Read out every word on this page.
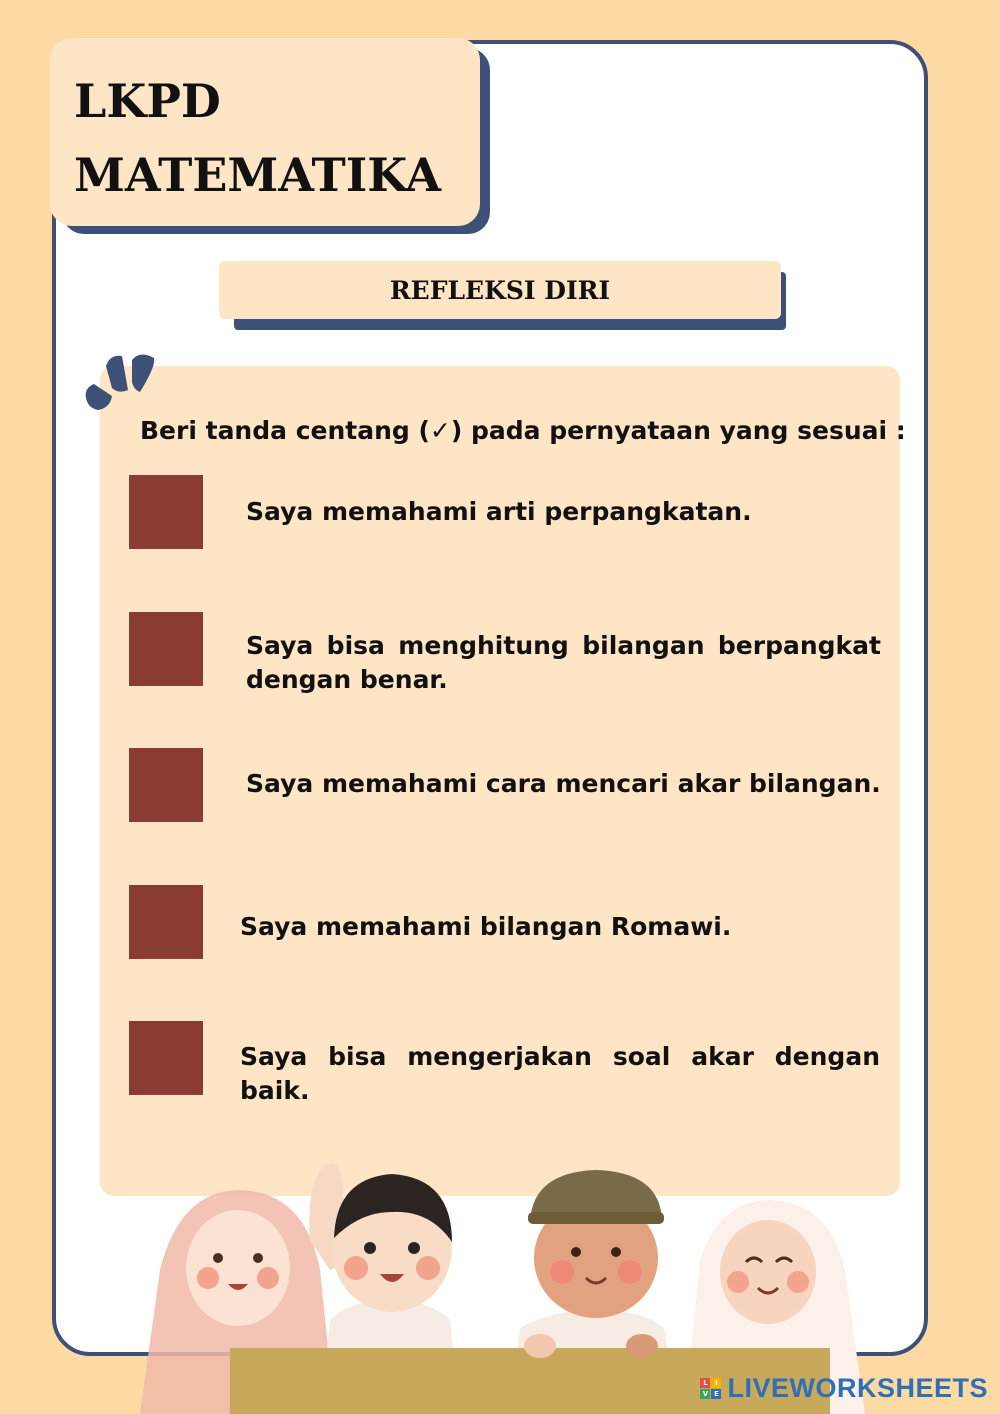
LKPD

MATEMATIKA

REFLEKSI DIRI
Beri tanda centang (✓) pada pernyataan yang sesuai :
Saya memahami arti perpangkatan.
Saya bisa menghitung bilangan berpangkat dengan benar.
Saya memahami cara mencari akar bilangan.
Saya memahami bilangan Romawi.
Saya bisa mengerjakan soal akar dengan baik.
L	I
V E LIVEWORKSHEETS
